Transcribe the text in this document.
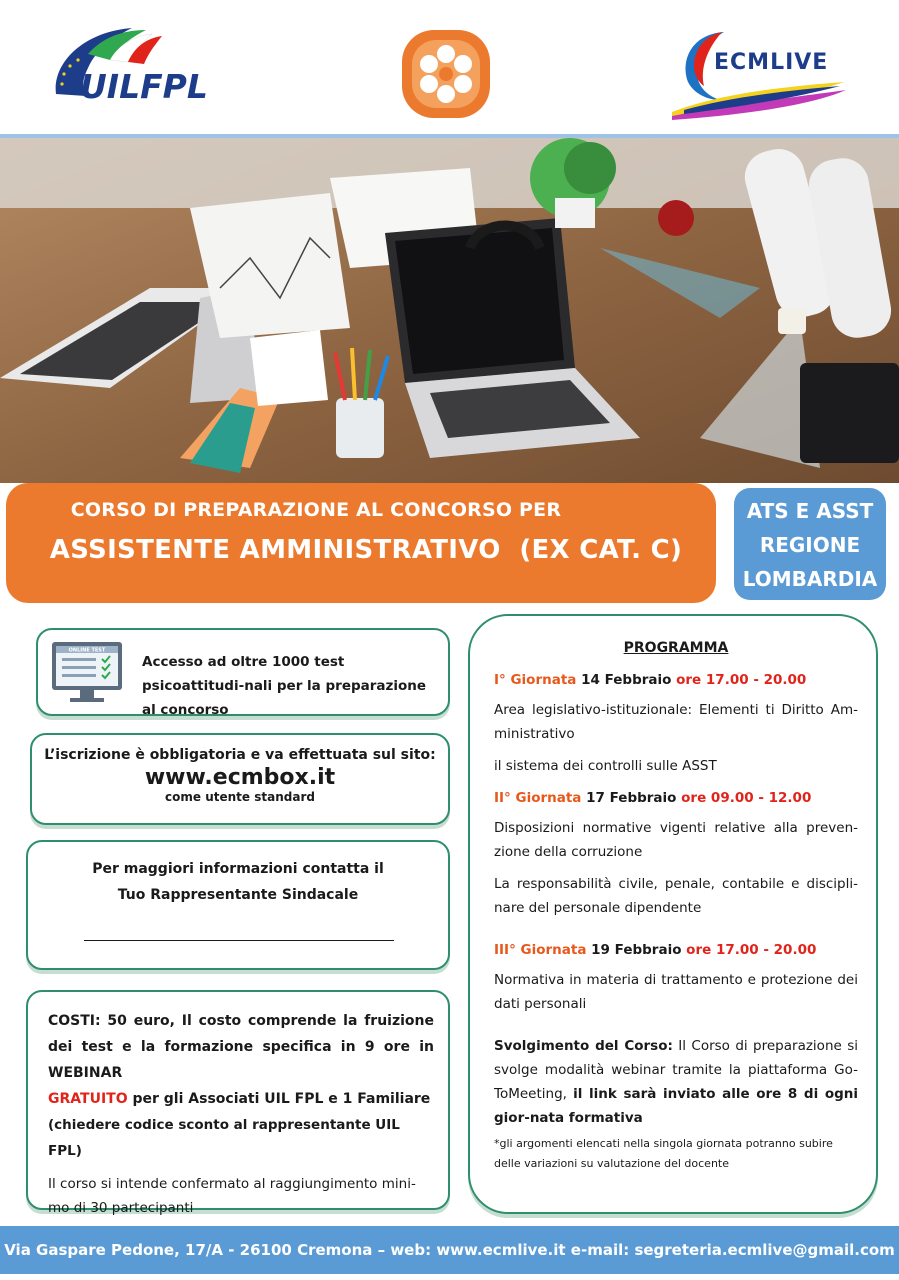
UILFPL
ECMLIVE
CORSO DI PREPARAZIONE AL CONCORSO PER
ASSISTENTE AMMINISTRATIVO  (EX CAT. C)
ATS E ASST
REGIONE
LOMBARDIA
ONLINE TEST
Accesso ad oltre 1000 test psicoattitudi-nali per la preparazione al concorso
L’iscrizione è obbligatoria e va effettuata sul sito:
www.ecmbox.it
come utente standard
Per maggiori informazioni contatta il
Tuo Rappresentante Sindacale
COSTI: 50 euro, Il costo comprende la fruizione dei test e la formazione specifica in 9 ore in WEBINAR
GRATUITO per gli Associati UIL FPL e 1 Familiare
(chiedere codice sconto al rappresentante UIL FPL)
Il corso si intende confermato al raggiungimento mini-mo di 30 partecipanti
PROGRAMMA
I° Giornata 14 Febbraio ore 17.00 - 20.00

Area legislativo-istituzionale: Elementi ti Diritto Am-ministrativo

il sistema dei controlli sulle ASST

II° Giornata 17 Febbraio ore 09.00 - 12.00

Disposizioni normative vigenti relative alla preven-zione della corruzione

La responsabilità civile, penale, contabile e discipli-nare del personale dipendente

III° Giornata 19 Febbraio ore 17.00 - 20.00

Normativa in materia di trattamento e protezione dei dati personali

Svolgimento del Corso: Il Corso di preparazione si svolge modalità webinar tramite la piattaforma Go-ToMeeting, il link sarà inviato alle ore 8 di ogni gior-nata formativa
*gli argomenti elencati nella singola giornata potranno subire delle variazioni su valutazione del docente
Via Gaspare Pedone, 17/A - 26100 Cremona – web: www.ecmlive.it e-mail: segreteria.ecmlive@gmail.com
